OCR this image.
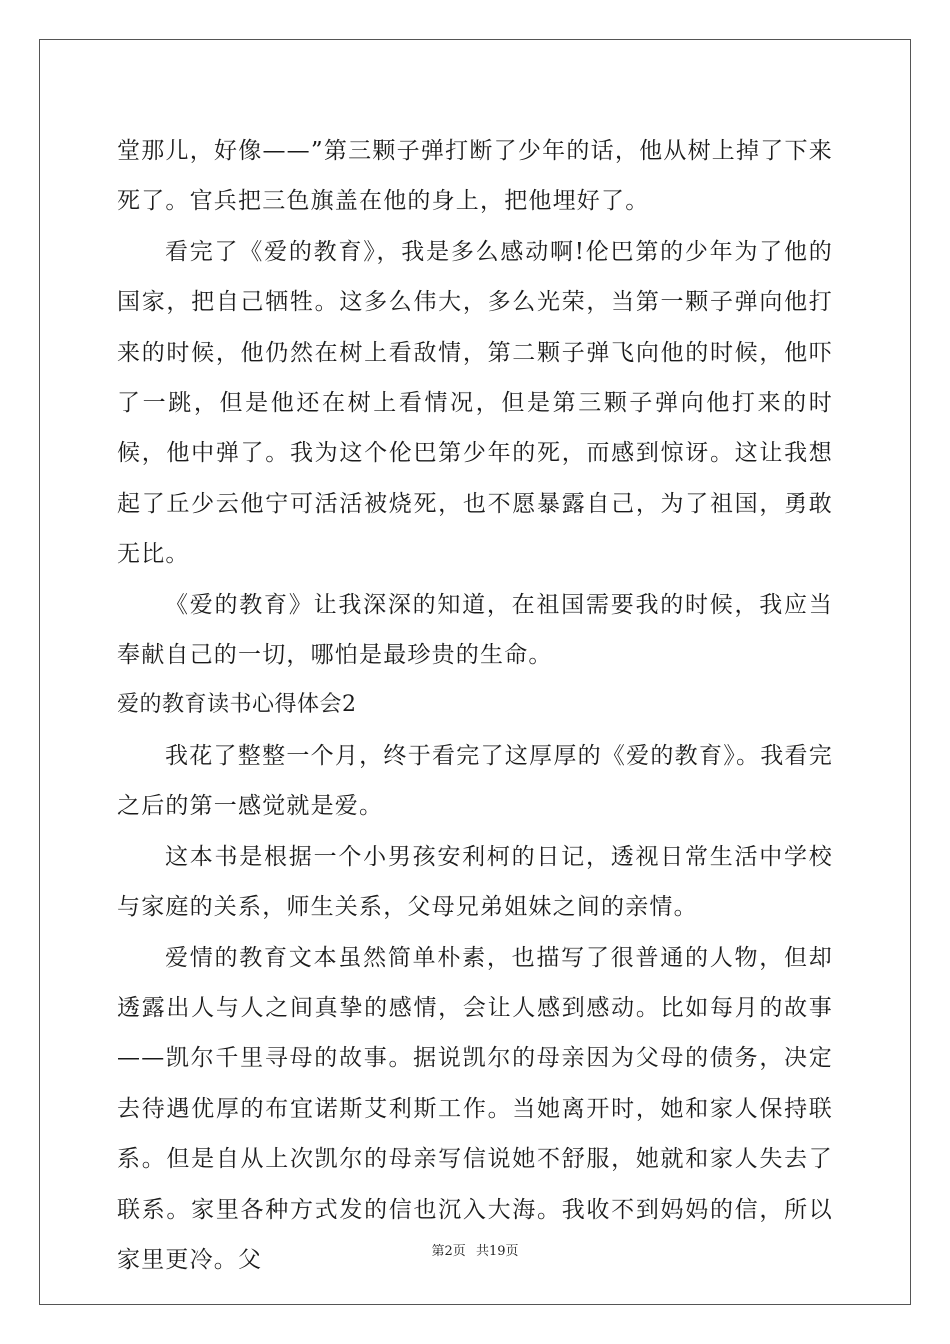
堂那儿，好像——”第三颗子弹打断了少年的话，他从树上掉了下来死了。官兵把三色旗盖在他的身上，把他埋好了。

看完了《爱的教育》，我是多么感动啊!伦巴第的少年为了他的国家，把自己牺牲。这多么伟大，多么光荣，当第一颗子弹向他打来的时候，他仍然在树上看敌情，第二颗子弹飞向他的时候，他吓了一跳，但是他还在树上看情况，但是第三颗子弹向他打来的时候，他中弹了。我为这个伦巴第少年的死，而感到惊讶。这让我想起了丘少云他宁可活活被烧死，也不愿暴露自己，为了祖国，勇敢无比。

《爱的教育》让我深深的知道，在祖国需要我的时候，我应当奉献自己的一切，哪怕是最珍贵的生命。

爱的教育读书心得体会2

我花了整整一个月，终于看完了这厚厚的《爱的教育》。我看完之后的第一感觉就是爱。

这本书是根据一个小男孩安利柯的日记，透视日常生活中学校与家庭的关系，师生关系，父母兄弟姐妹之间的亲情。

爱情的教育文本虽然简单朴素，也描写了很普通的人物，但却透露出人与人之间真挚的感情，会让人感到感动。比如每月的故事——凯尔千里寻母的故事。据说凯尔的母亲因为父母的债务，决定去待遇优厚的布宜诺斯艾利斯工作。当她离开时，她和家人保持联系。但是自从上次凯尔的母亲写信说她不舒服，她就和家人失去了联系。家里各种方式发的信也沉入大海。我收不到妈妈的信，所以家里更冷。父	第2页 共19页
